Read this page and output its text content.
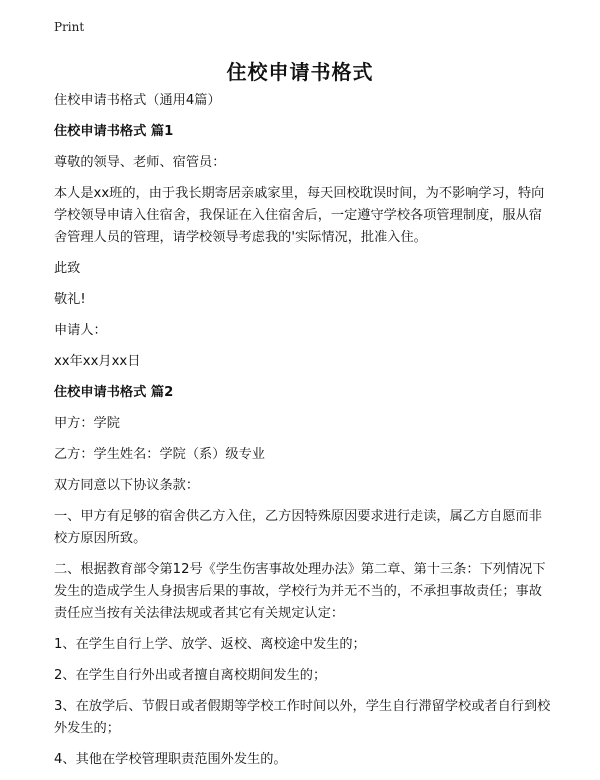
Print
住校申请书格式

住校申请书格式（通用4篇）

住校申请书格式 篇1

尊敬的领导、老师、宿管员：

本人是xx班的，由于我长期寄居亲戚家里，每天回校耽误时间，为不影响学习，特向学校领导申请入住宿舍，我保证在入住宿舍后，一定遵守学校各项管理制度，服从宿舍管理人员的管理，请学校领导考虑我的'实际情况，批准入住。

此致

敬礼!

申请人：

xx年xx月xx日

住校申请书格式 篇2

甲方：学院

乙方：学生姓名：学院（系）级专业

双方同意以下协议条款：

一、甲方有足够的宿舍供乙方入住，乙方因特殊原因要求进行走读，属乙方自愿而非校方原因所致。

二、根据教育部令第12号《学生伤害事故处理办法》第二章、第十三条：下列情况下发生的造成学生人身损害后果的事故，学校行为并无不当的，不承担事故责任；事故责任应当按有关法律法规或者其它有关规定认定：

1、在学生自行上学、放学、返校、离校途中发生的；

2、在学生自行外出或者擅自离校期间发生的；

3、在放学后、节假日或者假期等学校工作时间以外，学生自行滞留学校或者自行到校外发生的；

4、其他在学校管理职责范围外发生的。
